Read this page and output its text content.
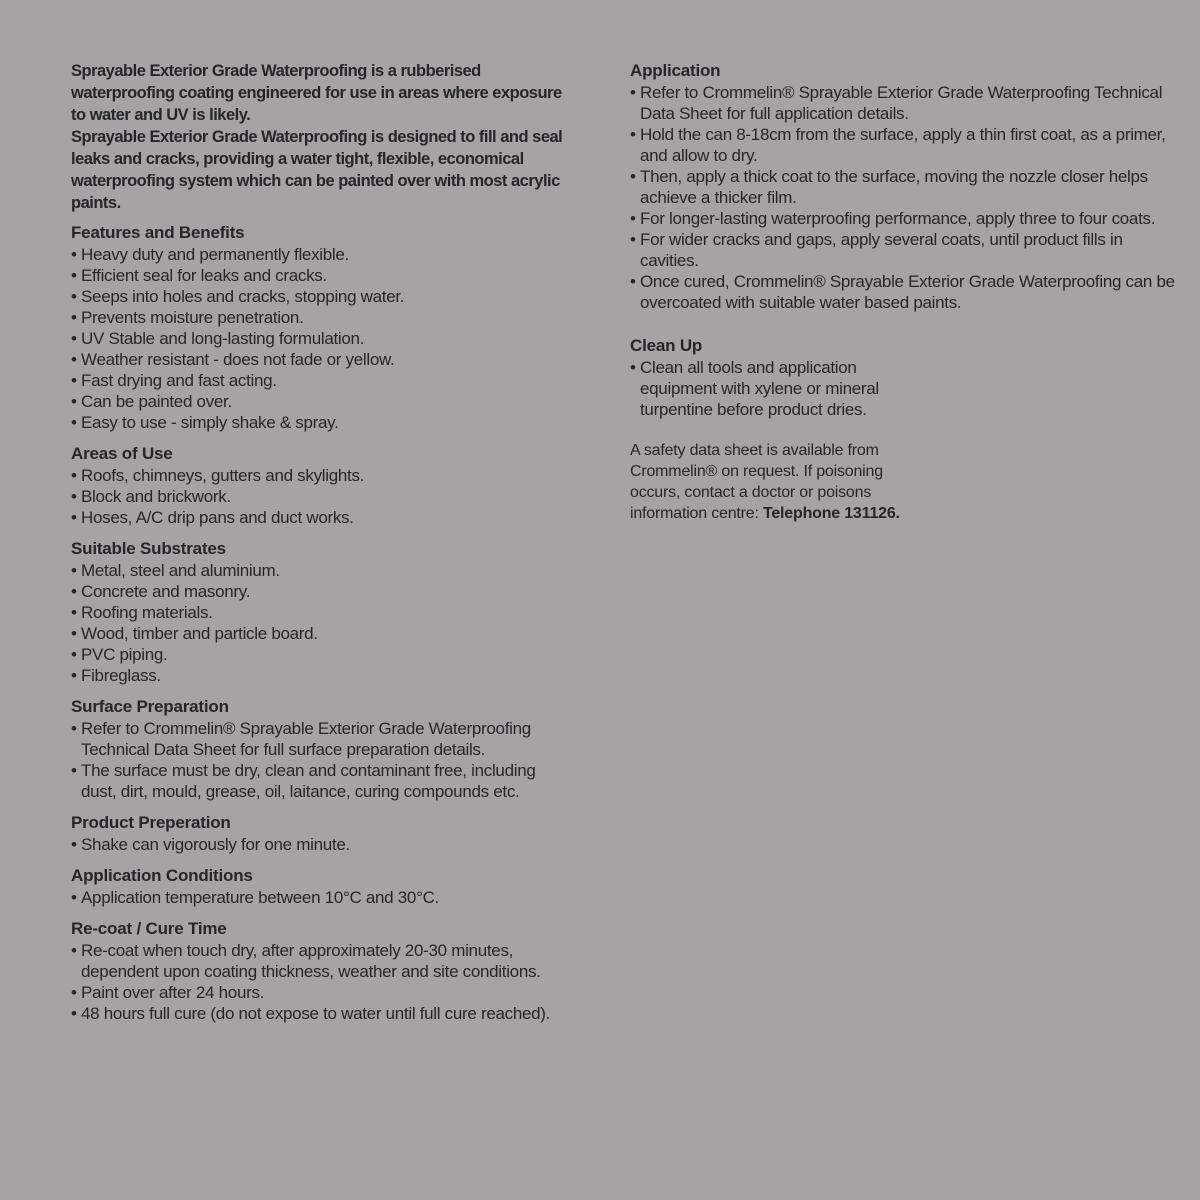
Sprayable Exterior Grade Waterproofing is a rubberised waterproofing coating engineered for use in areas where exposure to water and UV is likely.

Sprayable Exterior Grade Waterproofing is designed to fill and seal leaks and cracks, providing a water tight, flexible, economical waterproofing system which can be painted over with most acrylic paints.

Features and Benefits
• Heavy duty and permanently flexible.
• Efficient seal for leaks and cracks.
• Seeps into holes and cracks, stopping water.
• Prevents moisture penetration.
• UV Stable and long-lasting formulation.
• Weather resistant - does not fade or yellow.
• Fast drying and fast acting.
• Can be painted over.
• Easy to use - simply shake & spray.
Areas of Use
• Roofs, chimneys, gutters and skylights.
• Block and brickwork.
• Hoses, A/C drip pans and duct works.
Suitable Substrates
• Metal, steel and aluminium.
• Concrete and masonry.
• Roofing materials.
• Wood, timber and particle board.
• PVC piping.
• Fibreglass.
Surface Preparation
• Refer to Crommelin® Sprayable Exterior Grade Waterproofing Technical Data Sheet for full surface preparation details.
• The surface must be dry, clean and contaminant free, including dust, dirt, mould, grease, oil, laitance, curing compounds etc.
Product Preperation
• Shake can vigorously for one minute.
Application Conditions
• Application temperature between 10°C and 30°C.
Re-coat / Cure Time
• Re-coat when touch dry, after approximately 20-30 minutes, dependent upon coating thickness, weather and site conditions.
• Paint over after 24 hours.
• 48 hours full cure (do not expose to water until full cure reached).
Application
• Refer to Crommelin® Sprayable Exterior Grade Waterproofing Technical Data Sheet for full application details.
• Hold the can 8-18cm from the surface, apply a thin first coat, as a primer, and allow to dry.
• Then, apply a thick coat to the surface, moving the nozzle closer helps achieve a thicker film.
• For longer-lasting waterproofing performance, apply three to four coats.
• For wider cracks and gaps, apply several coats, until product fills in cavities.
• Once cured, Crommelin® Sprayable Exterior Grade Waterproofing can be overcoated with suitable water based paints.
Clean Up
• Clean all tools and application equipment with xylene or mineral turpentine before product dries.
A safety data sheet is available from Crommelin® on request. If poisoning occurs, contact a doctor or poisons information centre: Telephone 131126.
